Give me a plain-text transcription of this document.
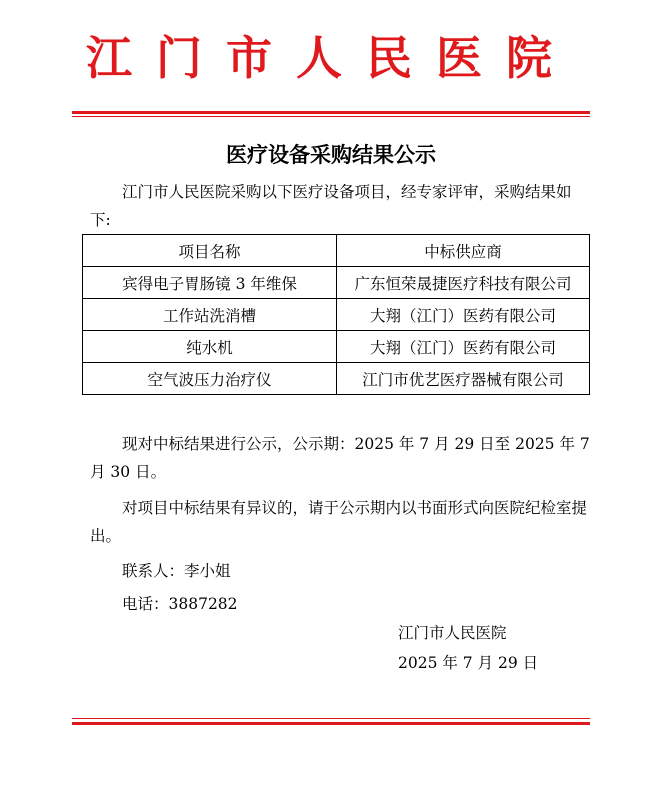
江门市人民医院
医疗设备采购结果公示

江门市人民医院采购以下医疗设备项目，经专家评审，采购结果如下:

项目名称	中标供应商
宾得电子胃肠镜 3 年维保	广东恒荣晟捷医疗科技有限公司
工作站洗消槽	大翔（江门）医药有限公司
纯水机	大翔（江门）医药有限公司
空气波压力治疗仪	江门市优艺医疗器械有限公司

现对中标结果进行公示，公示期：2025 年 7 月 29 日至 2025 年 7 月 30 日。

对项目中标结果有异议的，请于公示期内以书面形式向医院纪检室提出。

联系人：李小姐
电话：3887282
江门市人民医院
2025 年 7 月 29 日
